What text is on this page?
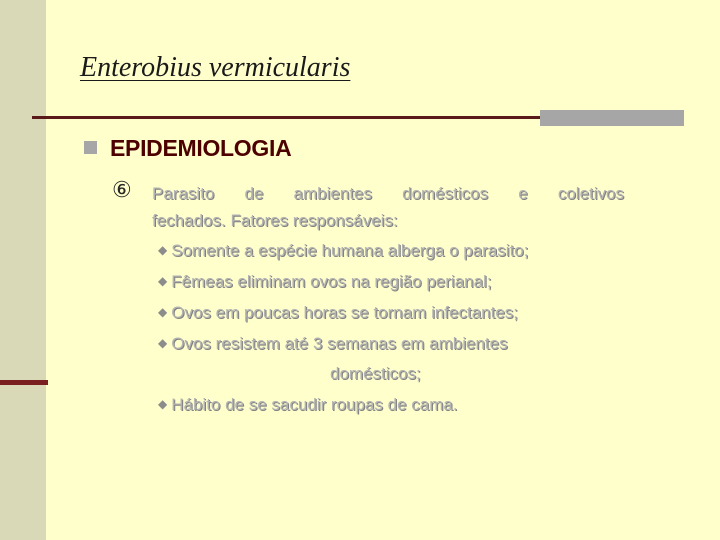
Enterobius vermicularis
EPIDEMIOLOGIA
⑥ Parasito de ambientes domésticos e coletivos
fechados. Fatores responsáveis:
◆ Somente a espécie humana alberga o parasito;
◆ Fêmeas eliminam ovos na região perianal;
◆ Ovos em poucas horas se tornam infectantes;
◆ Ovos resistem até 3 semanas em ambientes
domésticos;
◆ Hábito de se sacudir roupas de cama.
